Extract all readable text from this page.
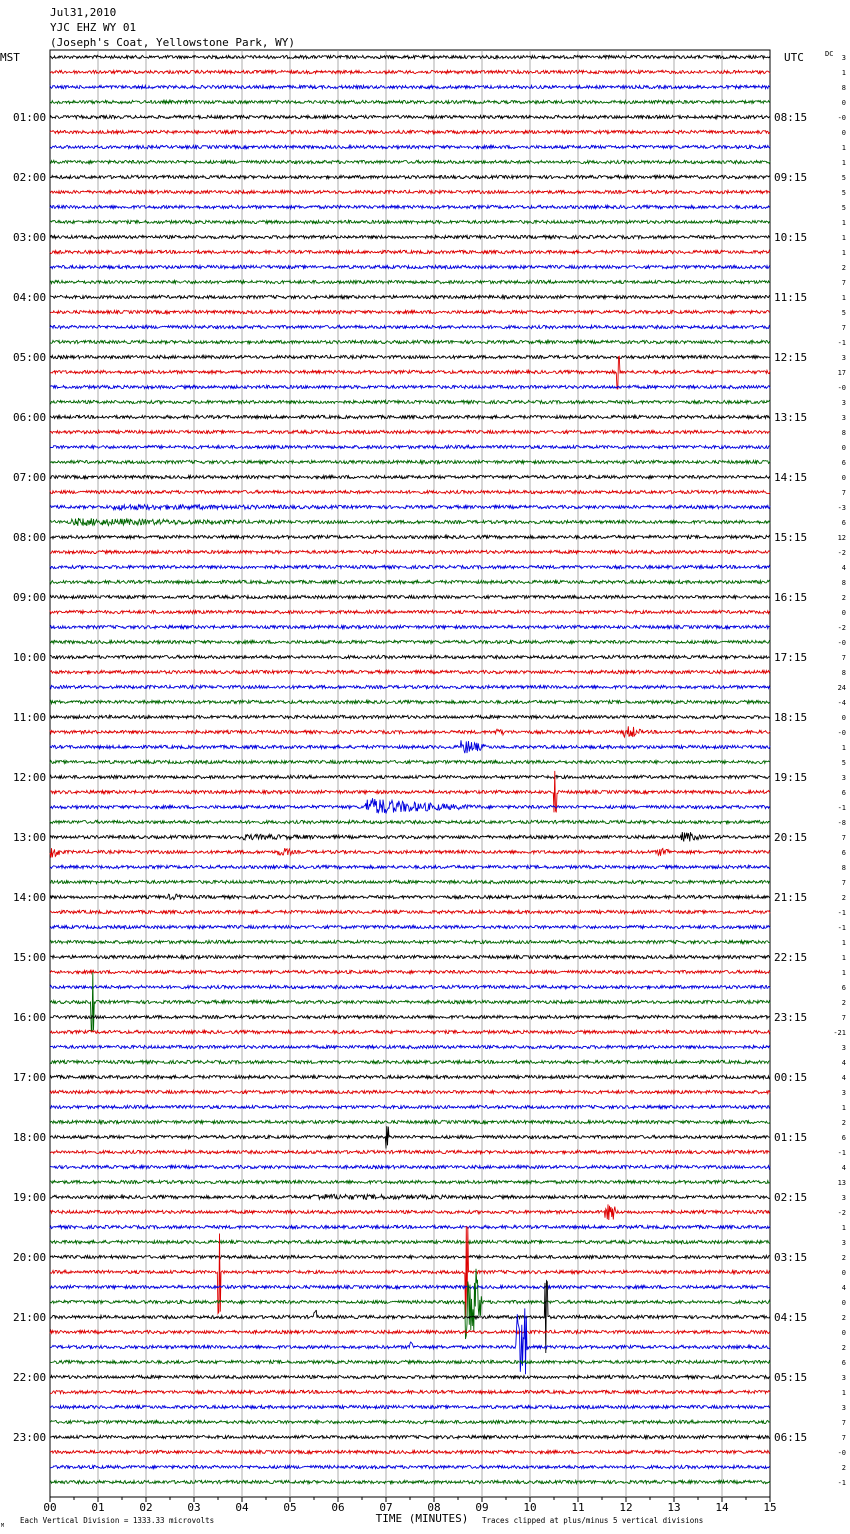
Jul31,2010
YJC EHZ WY 01
(Joseph's Coat, Yellowstone Park, WY)
MST	UTC	DC
01:00
02:00
03:00
04:00
05:00
06:00
07:00
08:00
09:00
10:00
11:00
12:00
13:00
14:00
15:00
16:00
17:00
18:00
19:00
20:00
21:00
22:00
23:00
08:15
09:15
10:15
11:15
12:15
13:15
14:15
15:15
16:15
17:15
18:15
19:15
20:15
21:15
22:15
23:15
00:15
01:15
02:15
03:15
04:15
05:15
06:15
3
1
8
0
-0
0
1
1
5
5
5
1
1
1
2
7
1
5
7
-1
3
17
-0
3
3
8
0
6
0
7
-3
6
12
-2
4
8
2
0
-2
-0
7
8
24
-4
0
-0
1
5
3
6
-1
-8
7
6
8
7
2
-1
-1
1
1
1
6
2
7
-21
3
4
4
3
1
2
6
-1
4
13
3
-2
1
3
2
0
4
0
2
0
2
6
3
1
3
7
7
-0
2
-1
00	01	02	03	04	05	06	07	08	09	10	11	12	13	14	15
TIME (MINUTES)
Each Vertical Division = 1333.33 microvolts	Traces clipped at plus/minus 5 vertical divisions
M
